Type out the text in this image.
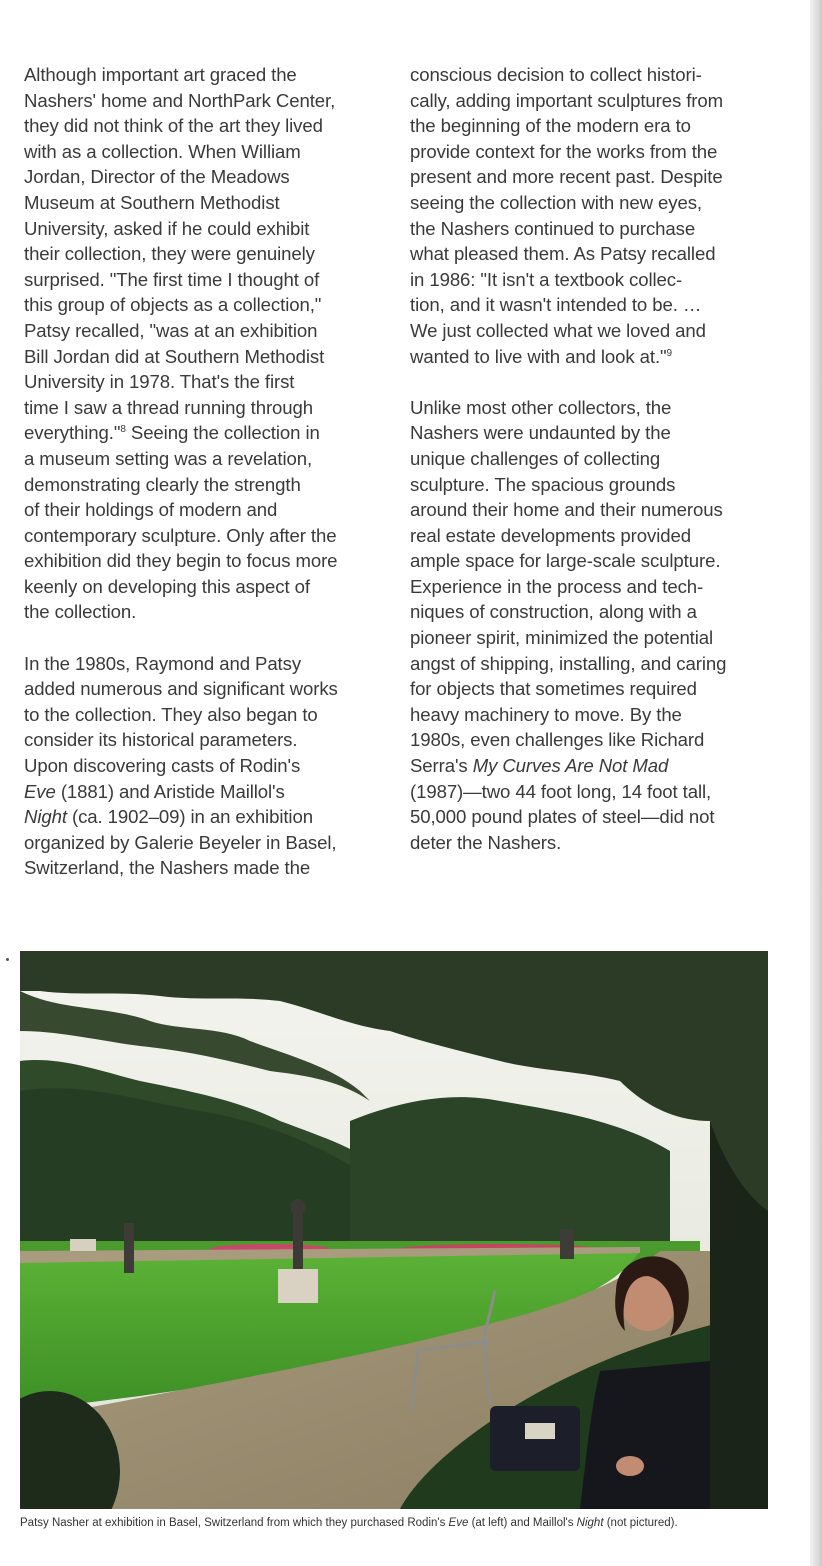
Although important art graced the
Nashers' home and NorthPark Center,
they did not think of the art they lived
with as a collection. When William
Jordan, Director of the Meadows
Museum at Southern Methodist
University, asked if he could exhibit
their collection, they were genuinely
surprised. "The first time I thought of
this group of objects as a collection,"
Patsy recalled, "was at an exhibition
Bill Jordan did at Southern Methodist
University in 1978. That's the first
time I saw a thread running through
everything."$^8$ Seeing the collection in
a museum setting was a revelation,
demonstrating clearly the strength
of their holdings of modern and
contemporary sculpture. Only after the
exhibition did they begin to focus more
keenly on developing this aspect of
the collection.

In the 1980s, Raymond and Patsy
added numerous and significant works
to the collection. They also began to
consider its historical parameters.
Upon discovering casts of Rodin's
Eve (1881) and Aristide Maillol's
Night (ca. 1902–09) in an exhibition
organized by Galerie Beyeler in Basel,
Switzerland, the Nashers made the

conscious decision to collect histori-
cally, adding important sculptures from
the beginning of the modern era to
provide context for the works from the
present and more recent past. Despite
seeing the collection with new eyes,
the Nashers continued to purchase
what pleased them. As Patsy recalled
in 1986: "It isn't a textbook collec-
tion, and it wasn't intended to be. …
We just collected what we loved and
wanted to live with and look at."$^9$

Unlike most other collectors, the
Nashers were undaunted by the
unique challenges of collecting
sculpture. The spacious grounds
around their home and their numerous
real estate developments provided
ample space for large-scale sculpture.
Experience in the process and tech-
niques of construction, along with a
pioneer spirit, minimized the potential
angst of shipping, installing, and caring
for objects that sometimes required
heavy machinery to move. By the
1980s, even challenges like Richard
Serra's My Curves Are Not Mad
(1987)—two 44 foot long, 14 foot tall,
50,000 pound plates of steel—did not
deter the Nashers.

Patsy Nasher at exhibition in Basel, Switzerland from which they purchased Rodin's Eve (at left) and Maillol's Night (not pictured).
